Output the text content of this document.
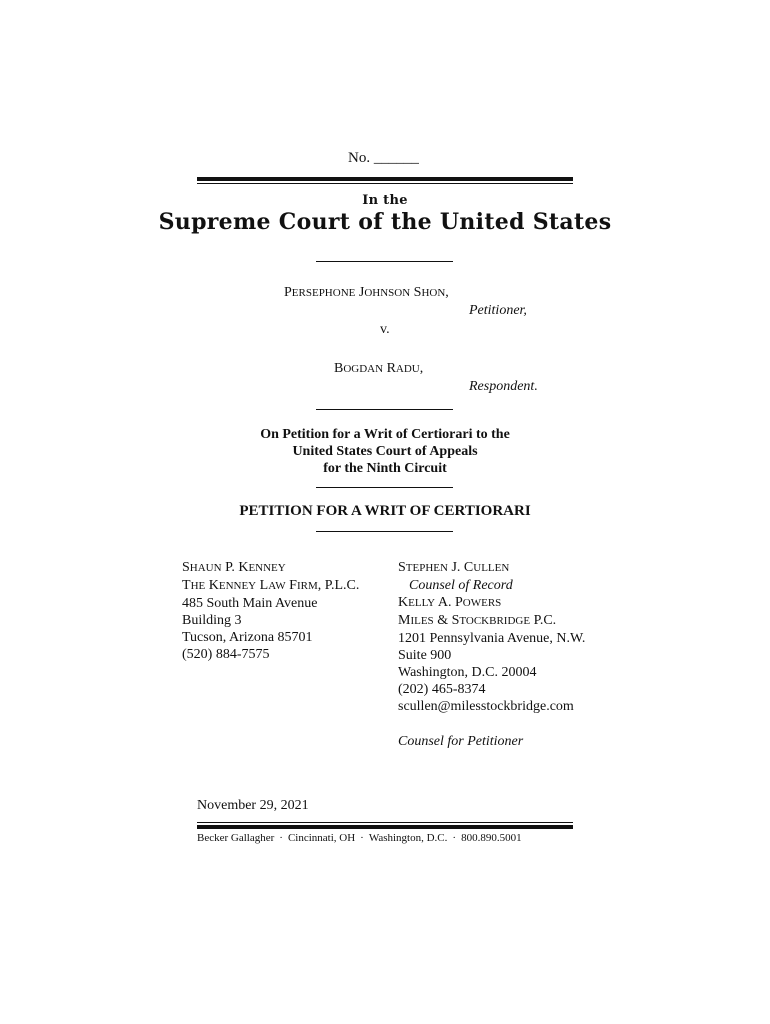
No. ______
In the
Supreme Court of the United States
PERSEPHONE JOHNSON SHON,
Petitioner,
v.
BOGDAN RADU,
Respondent.
On Petition for a Writ of Certiorari to the
United States Court of Appeals
for the Ninth Circuit
PETITION FOR A WRIT OF CERTIORARI
SHAUN P. KENNEY
THE KENNEY LAW FIRM, P.L.C.
485 South Main Avenue
Building 3
Tucson, Arizona 85701
(520) 884-7575
STEPHEN J. CULLEN
Counsel of Record
KELLY A. POWERS
MILES & STOCKBRIDGE P.C.
1201 Pennsylvania Avenue, N.W.
Suite 900
Washington, D.C. 20004
(202) 465-8374
scullen@milesstockbridge.com
Counsel for Petitioner
November 29, 2021
Becker Gallagher · Cincinnati, OH · Washington, D.C. · 800.890.5001
